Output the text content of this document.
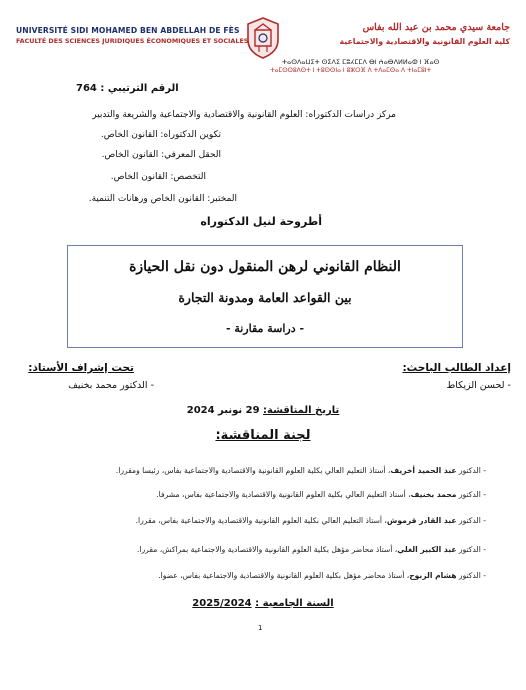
UNIVERSITÉ SIDI MOHAMED BEN ABDELLAH DE FÈS
FACULTÉ DES SCIENCES JURIDIQUES ÉCONOMIQUES ET SOCIALES
جامعة سيدي محمد بن عبد الله بفاس
كلية العلوم القانونية والاقتصادية والاجتماعية
ⵜⴰⵙⴷⴰⵡⵉⵜ ⵙⵉⴷⵉ ⵎⵓⵃⵎⵎⴷ ⴱⵏ ⵄⴰⴱⴷⵍⵍⴰⵀ ⵏ ⴼⴰⵙ
ⵜⴰⵎⵙⵙⵓⴷⵙⵜ ⵏ ⵜⵓⵙⵙⵏⴰ ⵏ ⵓⵣⵔⴼ ⴷ ⵜⴷⴰⵎⵙⴰ ⴷ ⵜⵏⴰⵎⵓⵏⵜ
الرقم الترتيبي : 764
مركز دراسات الدكتوراه: العلوم القانونية والاقتصادية والاجتماعية والشريعة والتدبير
تكوين الدكتوراه: القانون الخاص.
الحقل المعرفي: القانون الخاص.
التخصص: القانون الخاص.
المختبر: القانون الخاص ورهانات التنمية.
أطروحة لنيل الدكتوراه
النظام القانوني لرهن المنقول دون نقل الحيازة
بين القواعد العامة ومدونة التجارة
- دراسة مقارنة -
إعداد الطالب الباحث:
- لحسن الزيكاط
تحت إشراف الأستاذ:
- الدكتور محمد بخنيف
تاريخ المناقشة: 29 نونبر 2024
لجنة المناقشة:
- الدكتور عبد الحميد أخريف، أستاذ التعليم العالي بكلية العلوم القانونية والاقتصادية والاجتماعية بفاس، رئيسا ومقررا.
- الدكتور محمد بخنيف، أستاذ التعليم العالي بكلية العلوم القانونية والاقتصادية والاجتماعية بفاس، مشرفا.
- الدكتور عبد القادر قرموش، أستاذ التعليم العالي بكلية العلوم القانونية والاقتصادية والاجتماعية بفاس، مقررا.
- الدكتور عبد الكبير الغلي، أستاذ محاضر مؤهل بكلية العلوم القانونية والاقتصادية والاجتماعية بمراكش، مقررا.
- الدكتور هشام الزبوح، أستاذ محاضر مؤهل بكلية العلوم القانونية والاقتصادية والاجتماعية بفاس، عضوا.
السنة الجامعية : 2025/2024
1
